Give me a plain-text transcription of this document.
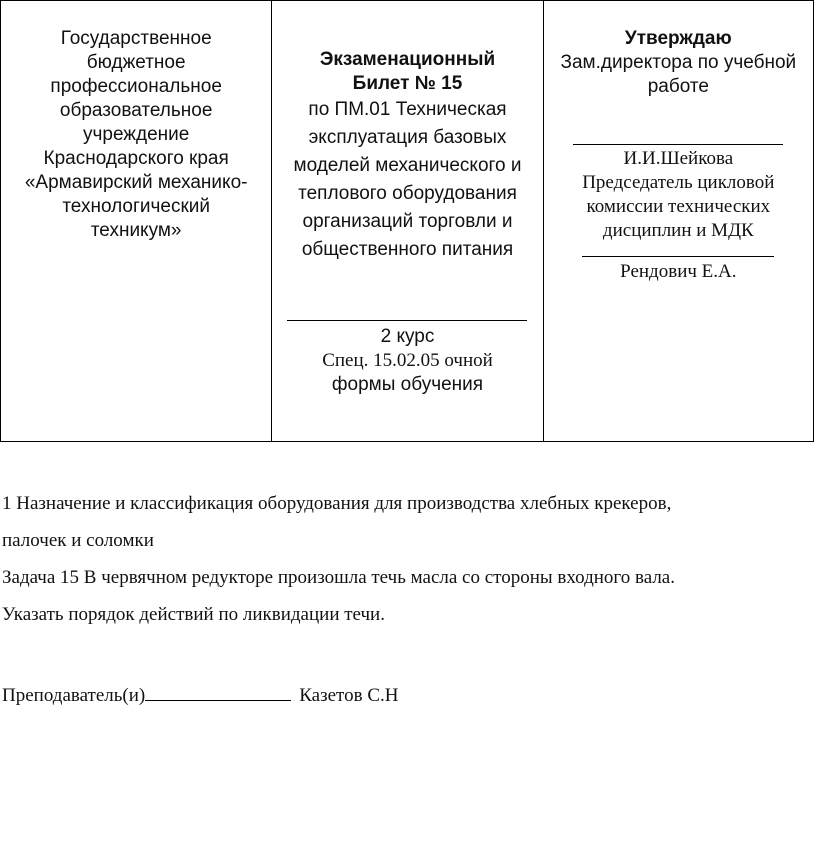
Государственное
бюджетное
профессиональное
образовательное
учреждение
Краснодарского края
«Армавирский механико-
технологический
техникум»
Экзаменационный
Билет № 15
по ПМ.01 Техническая
эксплуатация базовых
моделей механического и
теплового оборудования
организаций торговли и
общественного питания
2 курс
Спец. 15.02.05 очной
формы обучения
Утверждаю
Зам.директора по учебной
работе
И.И.Шейкова
Председатель цикловой
комиссии технических
дисциплин и МДК
Рендович Е.А.
1 Назначение и классификация оборудования для производства хлебных крекеров,
палочек и соломки
Задача 15 В червячном редукторе произошла течь масла со стороны входного вала.
Указать порядок действий по ликвидации течи.
Преподаватель(и)	Казетов С.Н
